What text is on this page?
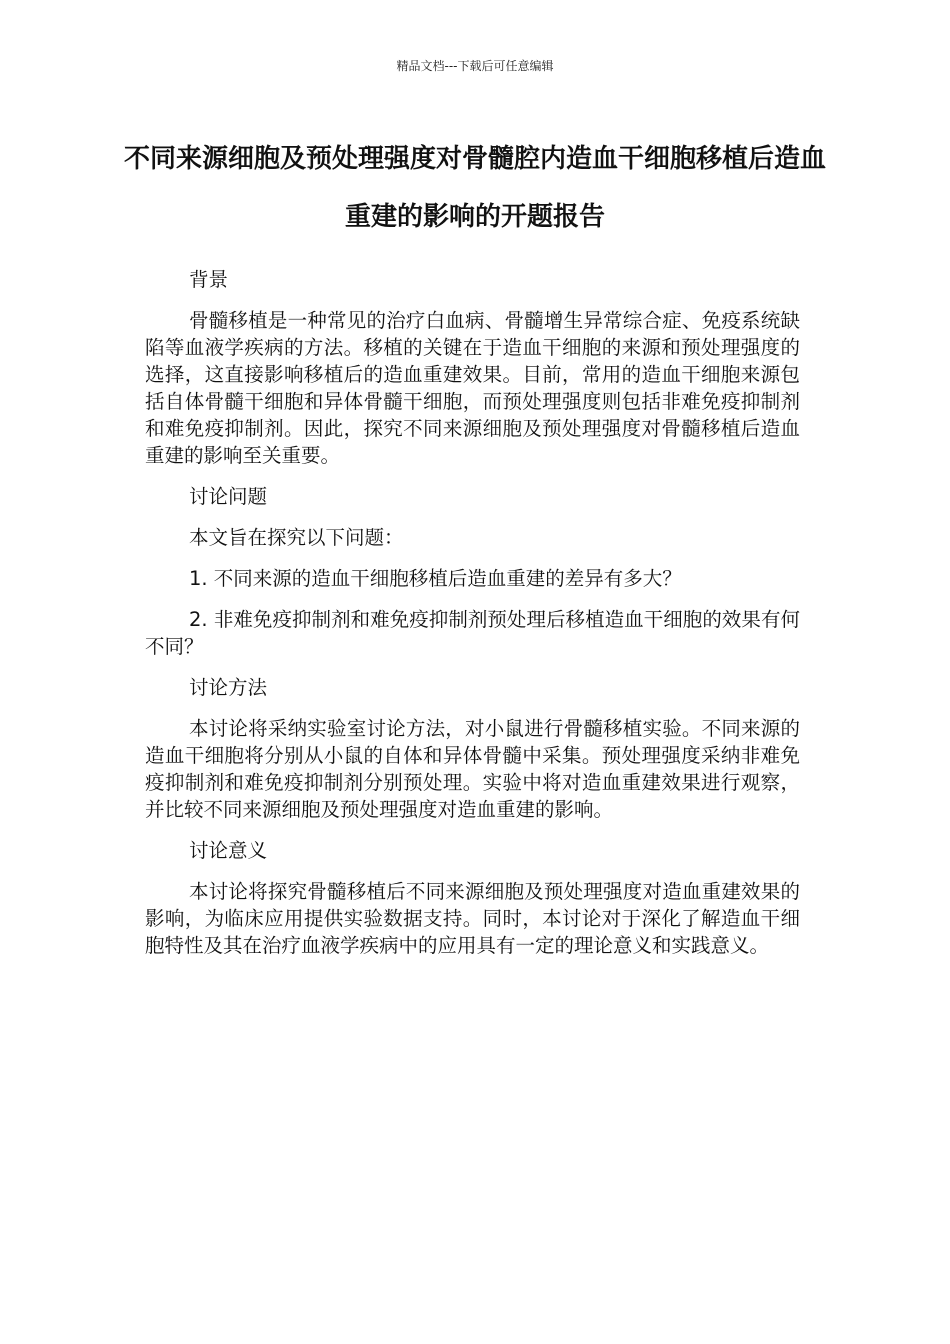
精品文档---下载后可任意编辑
不同来源细胞及预处理强度对骨髓腔内造血干细胞移植后造血重建的影响的开题报告

背景

骨髓移植是一种常见的治疗白血病、骨髓增生异常综合症、免疫系统缺陷等血液学疾病的方法。移植的关键在于造血干细胞的来源和预处理强度的选择，这直接影响移植后的造血重建效果。目前，常用的造血干细胞来源包括自体骨髓干细胞和异体骨髓干细胞，而预处理强度则包括非难免疫抑制剂和难免疫抑制剂。因此，探究不同来源细胞及预处理强度对骨髓移植后造血重建的影响至关重要。

讨论问题

本文旨在探究以下问题：

1. 不同来源的造血干细胞移植后造血重建的差异有多大？

2. 非难免疫抑制剂和难免疫抑制剂预处理后移植造血干细胞的效果有何不同？

讨论方法

本讨论将采纳实验室讨论方法，对小鼠进行骨髓移植实验。不同来源的造血干细胞将分别从小鼠的自体和异体骨髓中采集。预处理强度采纳非难免疫抑制剂和难免疫抑制剂分别预处理。实验中将对造血重建效果进行观察，并比较不同来源细胞及预处理强度对造血重建的影响。

讨论意义

本讨论将探究骨髓移植后不同来源细胞及预处理强度对造血重建效果的影响，为临床应用提供实验数据支持。同时，本讨论对于深化了解造血干细胞特性及其在治疗血液学疾病中的应用具有一定的理论意义和实践意义。
